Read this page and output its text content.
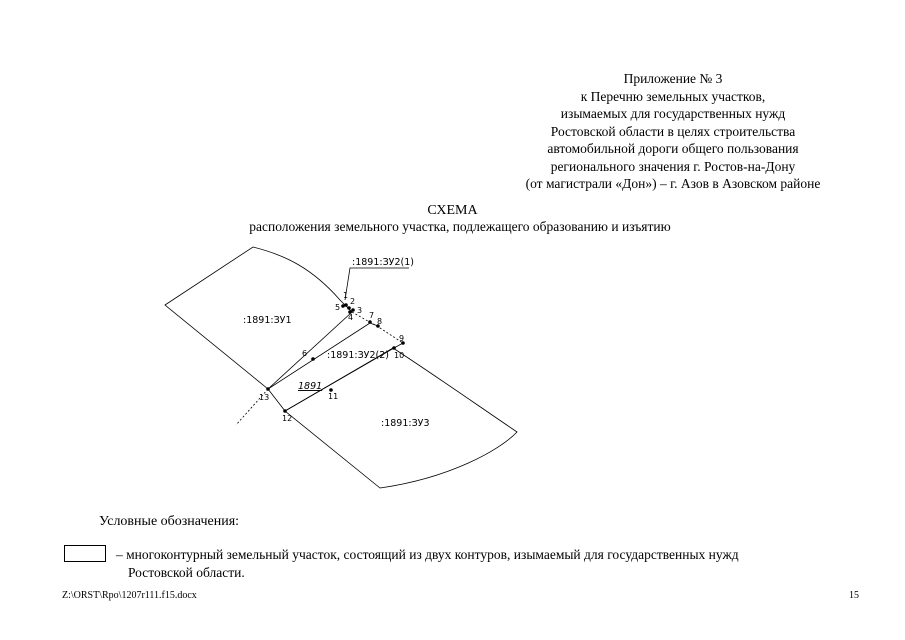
Приложение № 3
к Перечню земельных участков,
изымаемых для государственных нужд
Ростовской области в целях строительства
автомобильной дороги общего пользования
регионального значения г. Ростов-на-Дону
(от магистрали «Дон») – г. Азов в Азовском районе
СХЕМА
расположения земельного участка, подлежащего образованию и изъятию
1
2
3
4
5
6
7
8
9
10
11
12
13
:1891:ЗУ1
:1891:ЗУ2(1)
:1891:ЗУ2(2)
:1891:ЗУ3
1891
Условные обозначения:
– многоконтурный земельный участок, состоящий из двух контуров, изымаемый для государственных нужд
Ростовской области.
Z:\ORST\Rpo\1207r111.f15.docx	15
